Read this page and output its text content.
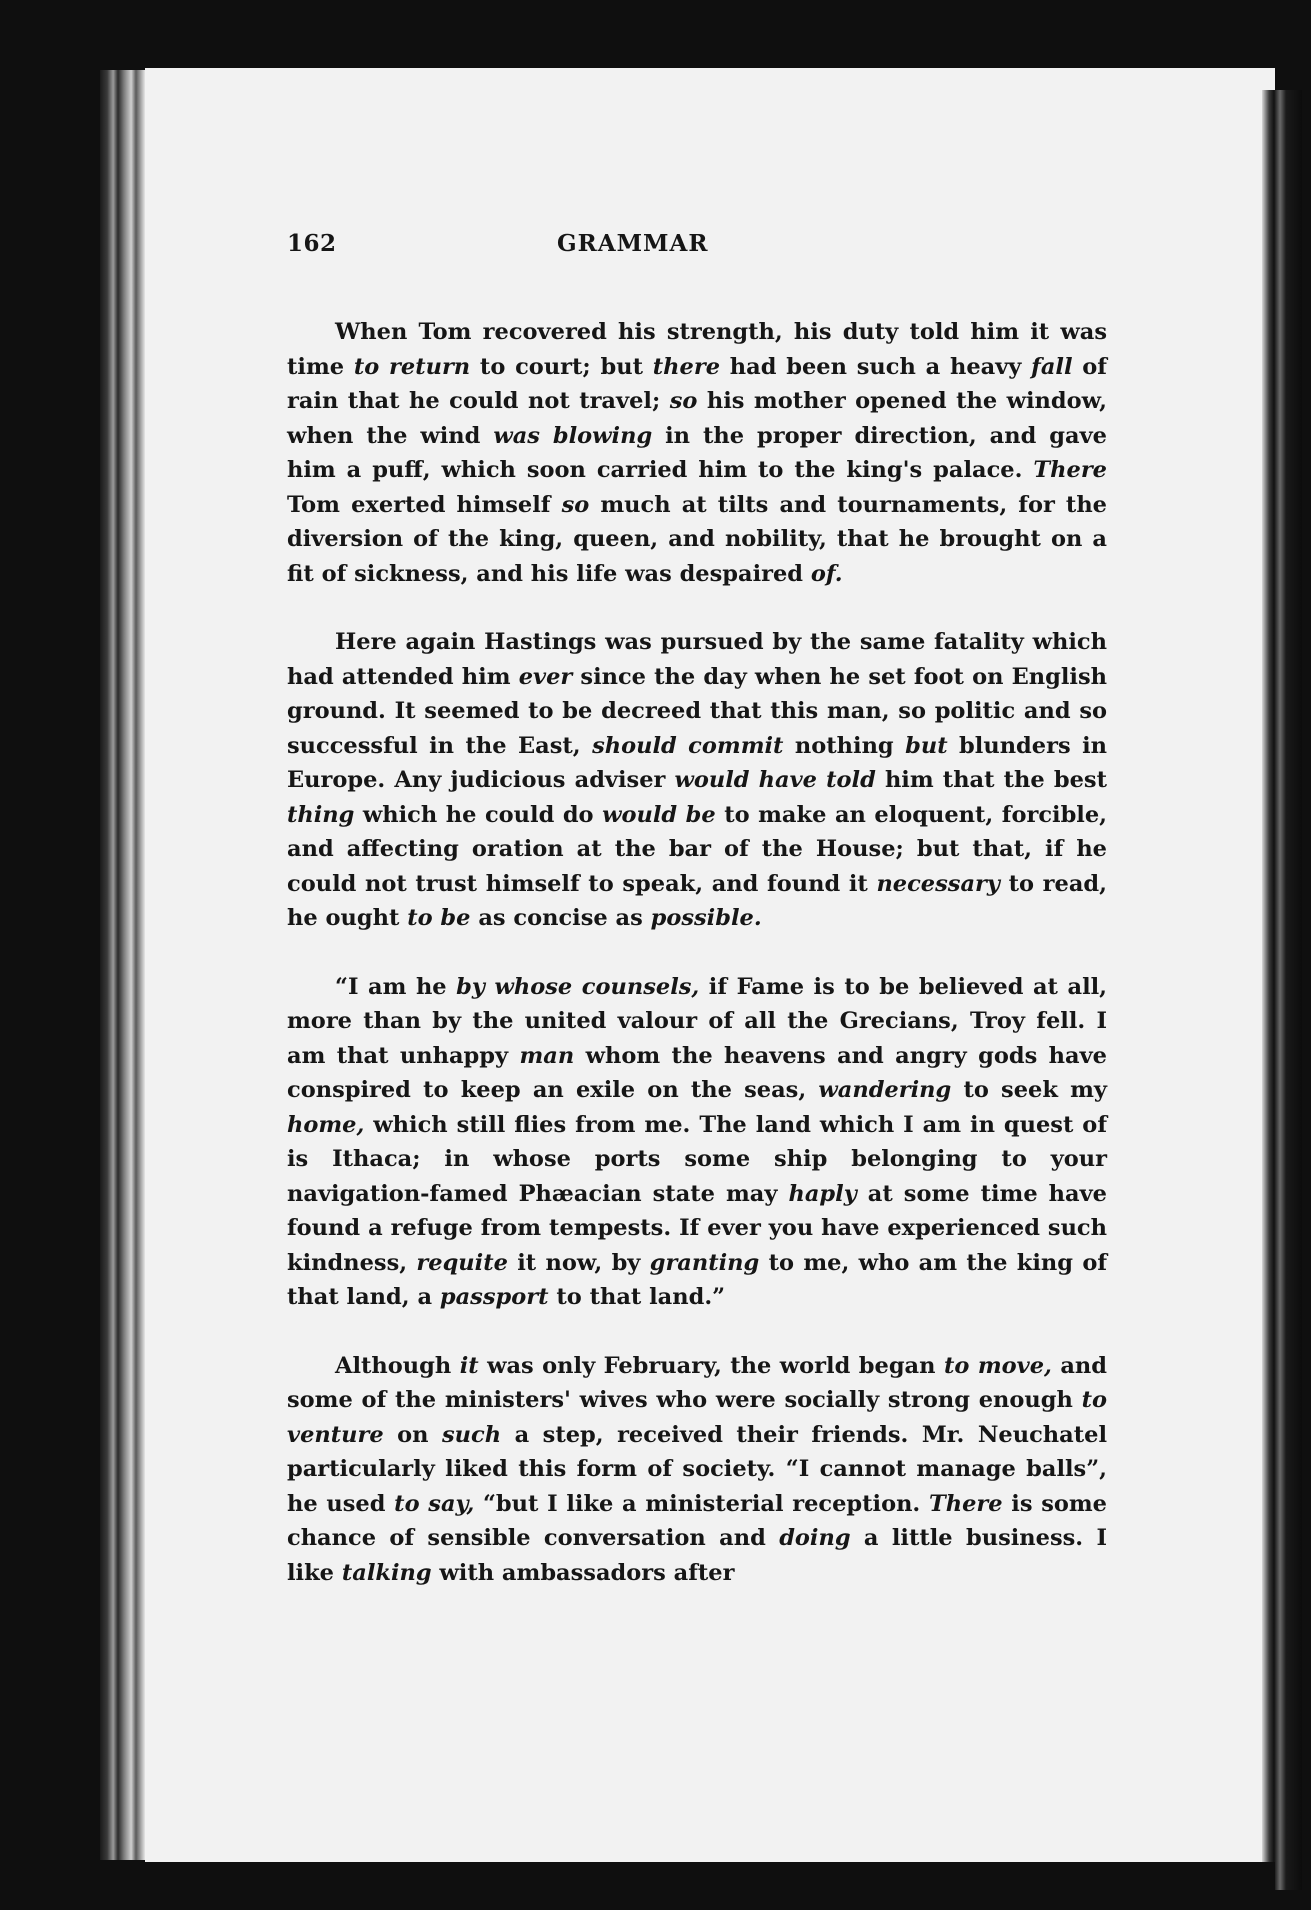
162	GRAMMAR

When Tom recovered his strength, his duty told him it was time to return to court; but there had been such a heavy fall of rain that he could not travel; so his mother opened the window, when the wind was blowing in the proper direction, and gave him a puff, which soon carried him to the king's palace. There Tom exerted himself so much at tilts and tournaments, for the diversion of the king, queen, and nobility, that he brought on a fit of sickness, and his life was despaired of.

Here again Hastings was pursued by the same fatality which had attended him ever since the day when he set foot on English ground. It seemed to be decreed that this man, so politic and so successful in the East, should commit nothing but blunders in Europe. Any judicious adviser would have told him that the best thing which he could do would be to make an eloquent, forcible, and affecting oration at the bar of the House; but that, if he could not trust himself to speak, and found it necessary to read, he ought to be as concise as possible.

“I am he by whose counsels, if Fame is to be believed at all, more than by the united valour of all the Grecians, Troy fell. I am that unhappy man whom the heavens and angry gods have conspired to keep an exile on the seas, wandering to seek my home, which still flies from me. The land which I am in quest of is Ithaca; in whose ports some ship belonging to your navigation-famed Phæacian state may haply at some time have found a refuge from tempests. If ever you have experienced such kindness, requite it now, by granting to me, who am the king of that land, a passport to that land.”

Although it was only February, the world began to move, and some of the ministers' wives who were socially strong enough to venture on such a step, received their friends. Mr. Neuchatel particularly liked this form of society. “I cannot manage balls”, he used to say, “but I like a ministerial reception. There is some chance of sensible conversation and doing a little business. I like talking with ambassadors after
